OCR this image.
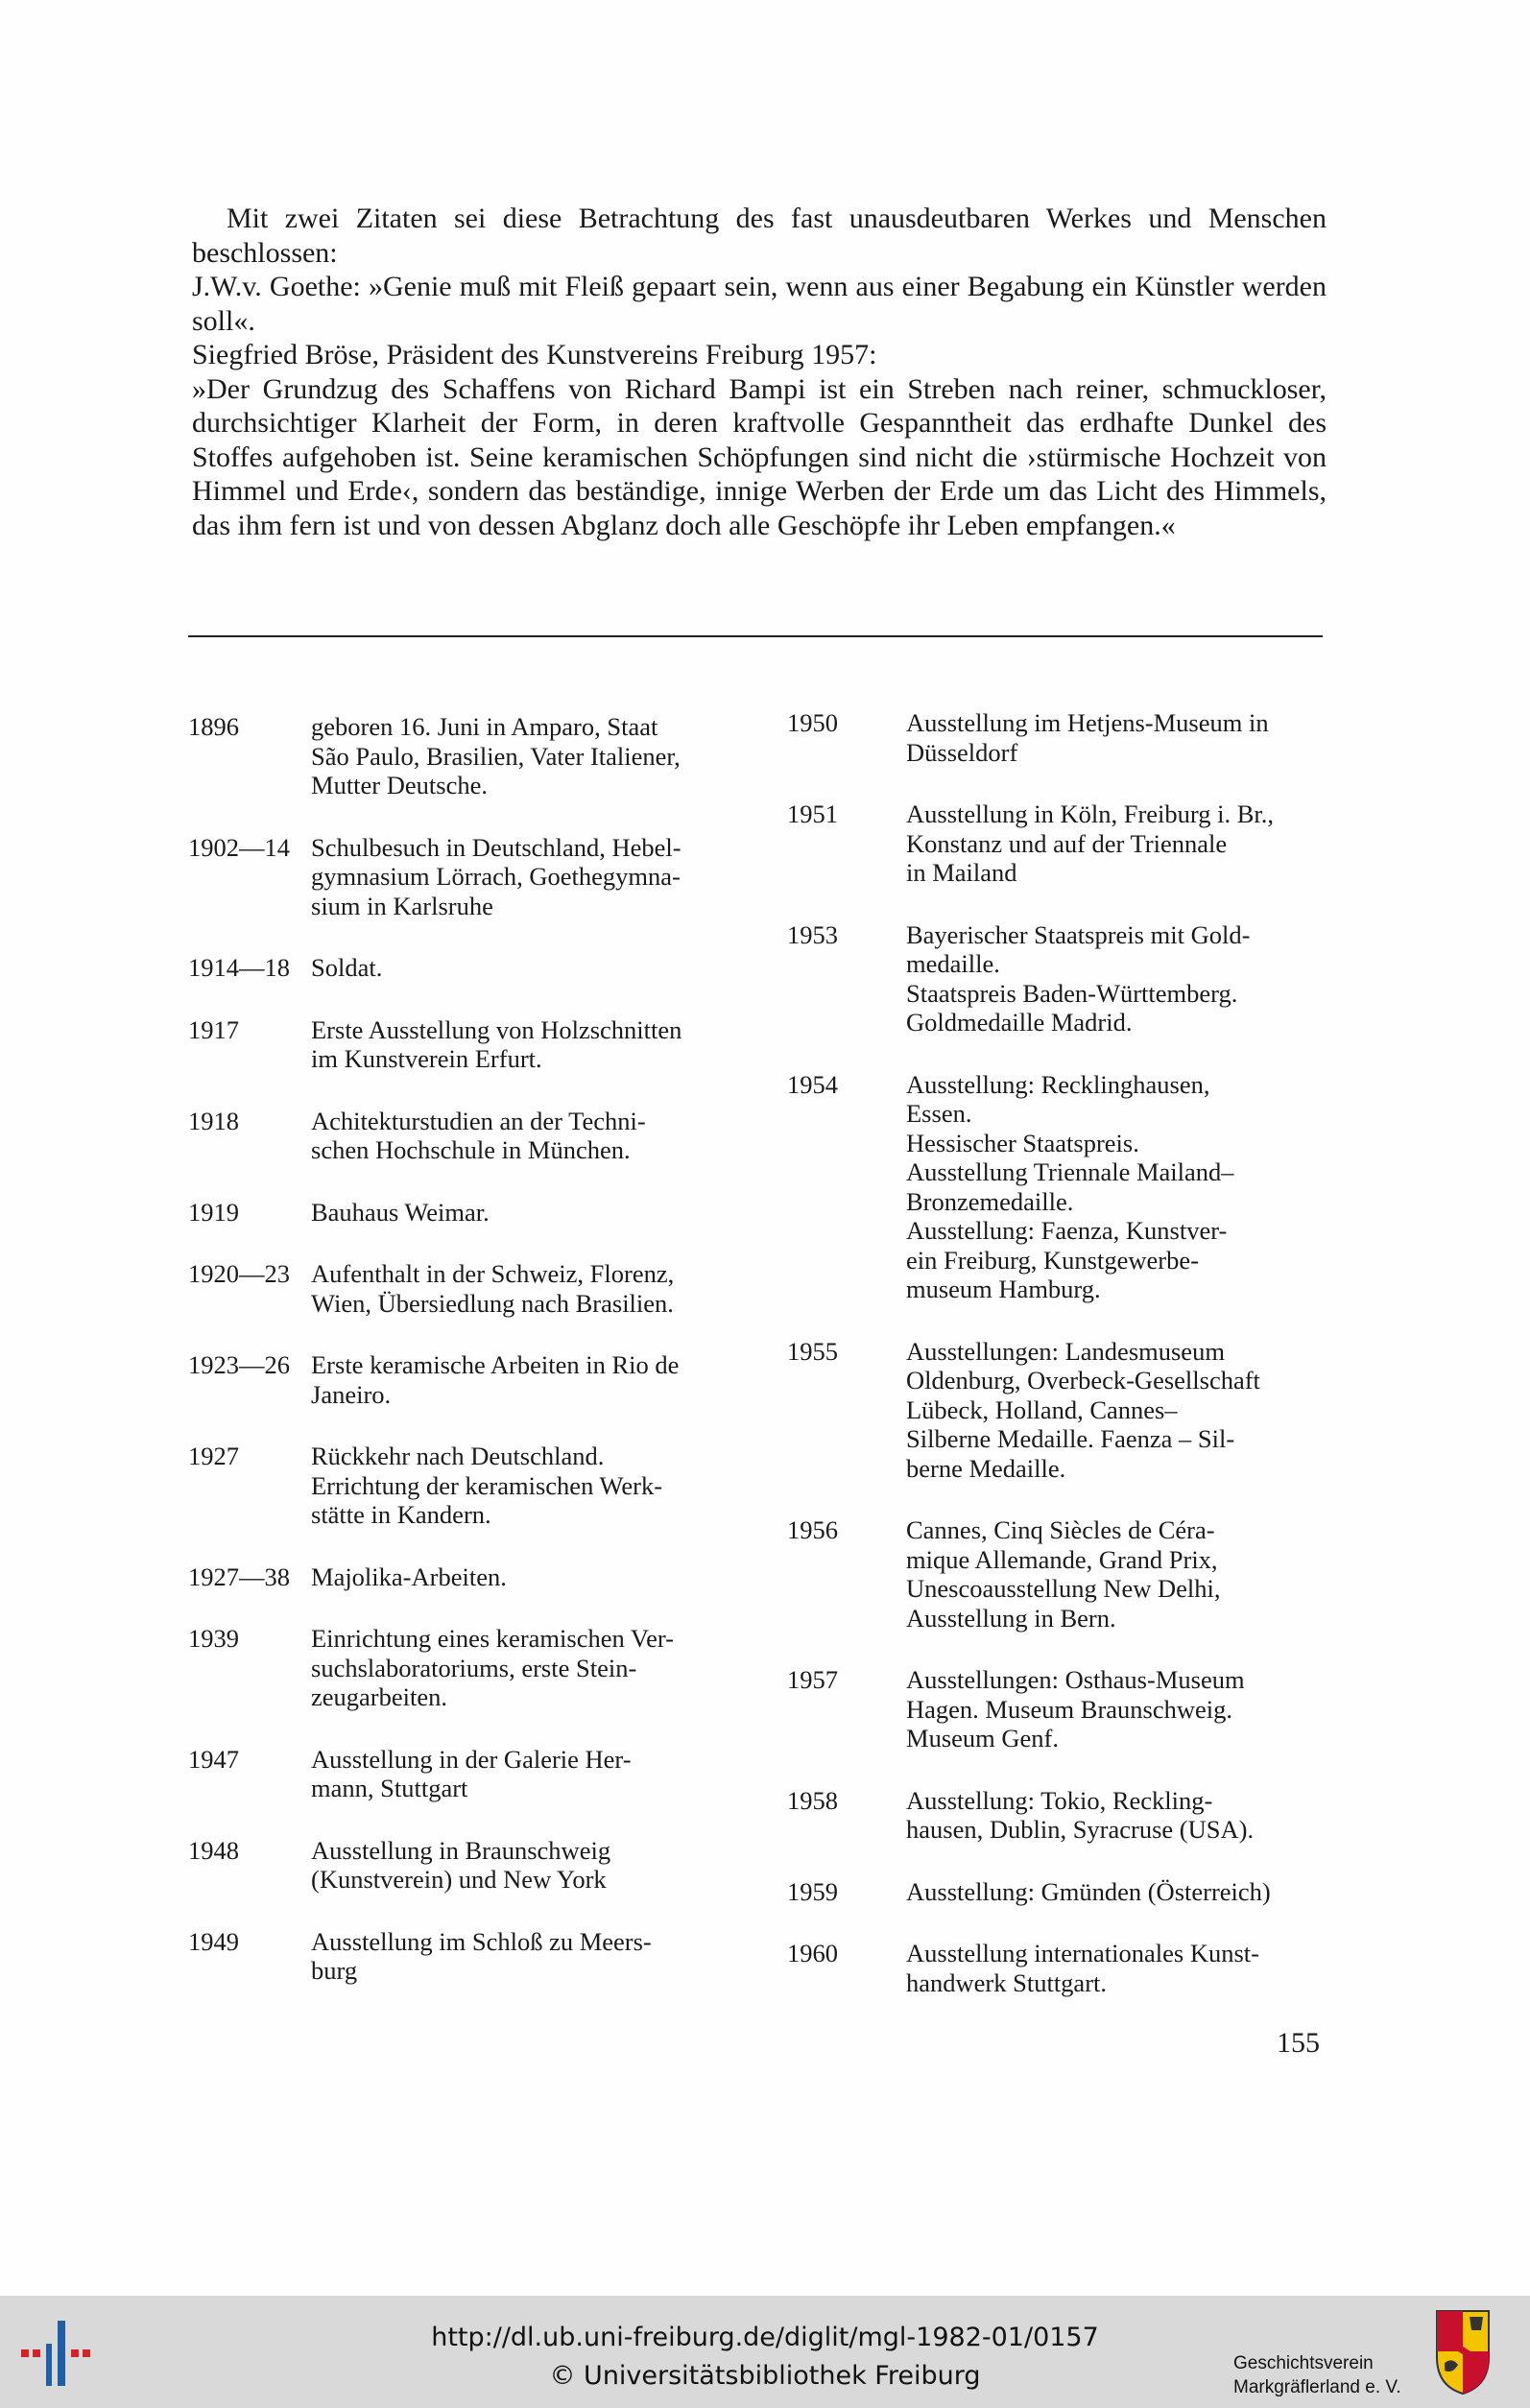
Mit zwei Zitaten sei diese Betrachtung des fast unausdeutbaren Werkes und Menschen beschlossen:

J.W.v. Goethe: »Genie muß mit Fleiß gepaart sein, wenn aus einer Begabung ein Künstler werden soll«.

Siegfried Bröse, Präsident des Kunstvereins Freiburg 1957:

»Der Grundzug des Schaffens von Richard Bampi ist ein Streben nach reiner, schmuckloser, durchsichtiger Klarheit der Form, in deren kraftvolle Gespanntheit das erdhafte Dunkel des Stoffes aufgehoben ist. Seine keramischen Schöpfungen sind nicht die ›stürmische Hochzeit von Himmel und Erde‹, sondern das beständige, innige Werben der Erde um das Licht des Himmels, das ihm fern ist und von dessen Abglanz doch alle Geschöpfe ihr Leben empfangen.«

1896	geboren 16. Juni in Amparo, Staat
São Paulo, Brasilien, Vater Italiener,
Mutter Deutsche.
1902—14 Schulbesuch in Deutschland, Hebel-
gymnasium Lörrach, Goethegymna-
sium in Karlsruhe
1914—18 Soldat.
1917	Erste Ausstellung von Holzschnitten
im Kunstverein Erfurt.
1918	Achitekturstudien an der Techni-
schen Hochschule in München.
1919	Bauhaus Weimar.
1920—23 Aufenthalt in der Schweiz, Florenz,
Wien, Übersiedlung nach Brasilien.
1923—26 Erste keramische Arbeiten in Rio de
Janeiro.
1927	Rückkehr nach Deutschland.
Errichtung der keramischen Werk-
stätte in Kandern.
1927—38 Majolika-Arbeiten.
1939	Einrichtung eines keramischen Ver-
suchslaboratoriums, erste Stein-
zeugarbeiten.
1947	Ausstellung in der Galerie Her-
mann, Stuttgart
1948	Ausstellung in Braunschweig
(Kunstverein) und New York
1949	Ausstellung im Schloß zu Meers-
burg
1950	Ausstellung im Hetjens-Museum in
Düsseldorf
1951	Ausstellung in Köln, Freiburg i. Br.,
Konstanz und auf der Triennale
in Mailand
1953	Bayerischer Staatspreis mit Gold-
medaille.
Staatspreis Baden-Württemberg.
Goldmedaille Madrid.
1954	Ausstellung: Recklinghausen,
Essen.
Hessischer Staatspreis.
Ausstellung Triennale Mailand–
Bronzemedaille.
Ausstellung: Faenza, Kunstver-
ein Freiburg, Kunstgewerbe-
museum Hamburg.
1955	Ausstellungen: Landesmuseum
Oldenburg, Overbeck-Gesellschaft
Lübeck, Holland, Cannes–
Silberne Medaille. Faenza – Sil-
berne Medaille.
1956	Cannes, Cinq Siècles de Céra-
mique Allemande, Grand Prix,
Unescoausstellung New Delhi,
Ausstellung in Bern.
1957	Ausstellungen: Osthaus-Museum
Hagen. Museum Braunschweig.
Museum Genf.
1958	Ausstellung: Tokio, Reckling-
hausen, Dublin, Syracruse (USA).
1959	Ausstellung: Gmünden (Österreich)
1960	Ausstellung internationales Kunst-
handwerk Stuttgart.
155
http://dl.ub.uni-freiburg.de/diglit/mgl-1982-01/0157
© Universitätsbibliothek Freiburg	Geschichtsverein
Markgräflerland e. V.
